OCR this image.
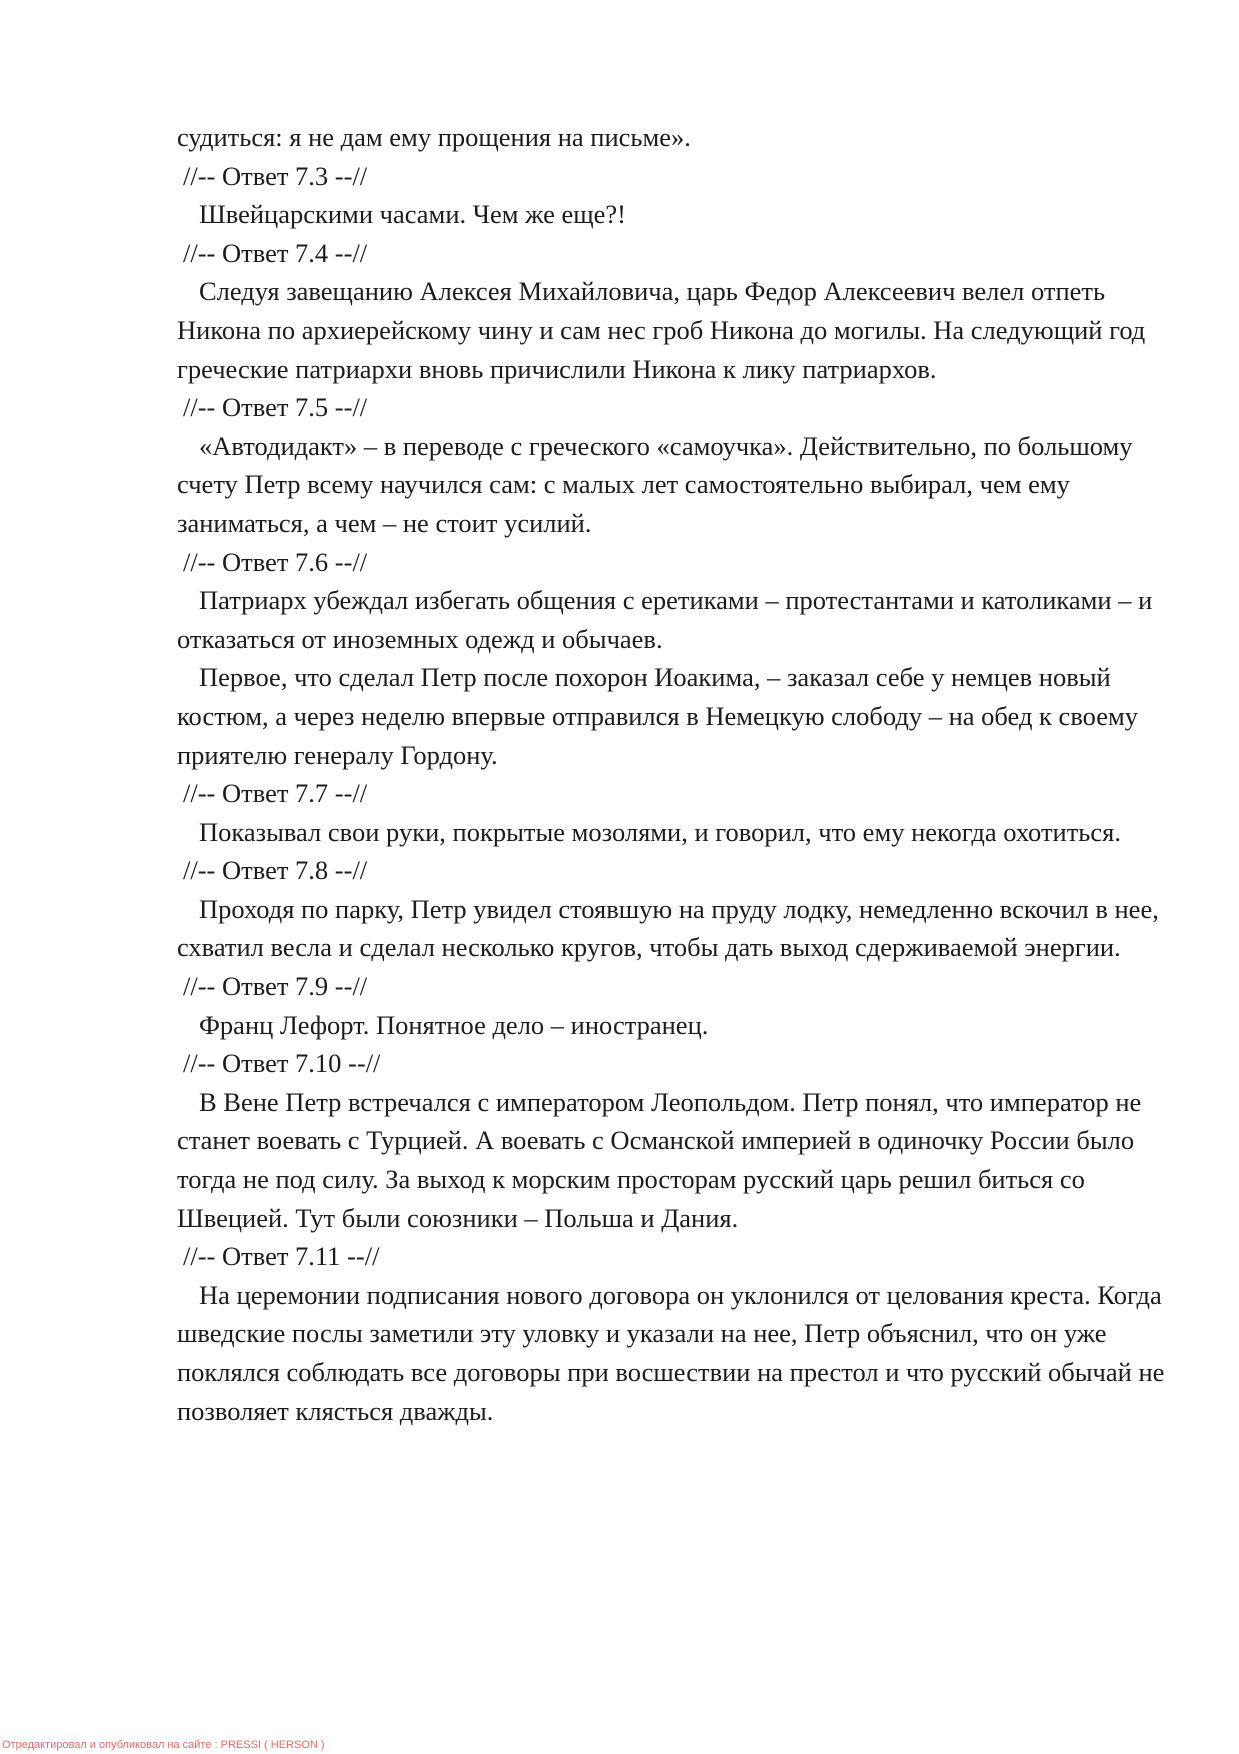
судиться: я не дам ему прощения на письме».

//-- Ответ 7.3 --//

Швейцарскими часами. Чем же еще?!

//-- Ответ 7.4 --//

Следуя завещанию Алексея Михайловича, царь Федор Алексеевич велел отпеть Никона по архиерейскому чину и сам нес гроб Никона до могилы. На следующий год греческие патриархи вновь причислили Никона к лику патриархов.

//-- Ответ 7.5 --//

«Автодидакт» – в переводе с греческого «самоучка». Действительно, по большому счету Петр всему научился сам: с малых лет самостоятельно выбирал, чем ему заниматься, а чем – не стоит усилий.

//-- Ответ 7.6 --//

Патриарх убеждал избегать общения с еретиками – протестантами и католиками – и отказаться от иноземных одежд и обычаев.

Первое, что сделал Петр после похорон Иоакима, – заказал себе у немцев новый костюм, а через неделю впервые отправился в Немецкую слободу – на обед к своему приятелю генералу Гордону.

//-- Ответ 7.7 --//

Показывал свои руки, покрытые мозолями, и говорил, что ему некогда охотиться.

//-- Ответ 7.8 --//

Проходя по парку, Петр увидел стоявшую на пруду лодку, немедленно вскочил в нее, схватил весла и сделал несколько кругов, чтобы дать выход сдерживаемой энергии.

//-- Ответ 7.9 --//

Франц Лефорт. Понятное дело – иностранец.

//-- Ответ 7.10 --//

В Вене Петр встречался с императором Леопольдом. Петр понял, что император не станет воевать с Турцией. А воевать с Османской империей в одиночку России было тогда не под силу. За выход к морским просторам русский царь решил биться со Швецией. Тут были союзники – Польша и Дания.

//-- Ответ 7.11 --//

На церемонии подписания нового договора он уклонился от целования креста. Когда шведские послы заметили эту уловку и указали на нее, Петр объяснил, что он уже поклялся соблюдать все договоры при восшествии на престол и что русский обычай не позволяет клясться дважды.

Отредактировал и опубликовал на сайте : PRESSI ( HERSON )
